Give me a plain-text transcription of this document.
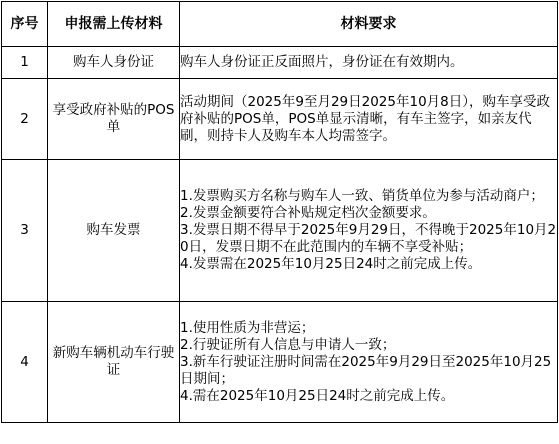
序号	申报需上传材料	材料要求
1	购车人身份证	购车人身份证正反面照片，身份证在有效期内。

2	享受政府补贴的POS单	活动期间（2025年9至月29日2025年10月8日），购车享受政府补贴的POS单，POS单显示清晰，有车主签字，如亲友代刷，则持卡人及购车本人均需签字。

3	购车发票	1.发票购买方名称与购车人一致、销货单位为参与活动商户；

2.发票金额要符合补贴规定档次金额要求。

3.发票日期不得早于2025年9月29日，不得晚于2025年10月20日，发票日期不在此范围内的车辆不享受补贴；

4.发票需在2025年10月25日24时之前完成上传。

4	新购车辆机动车行驶证	1.使用性质为非营运；

2.行驶证所有人信息与申请人一致；

3.新车行驶证注册时间需在2025年9月29日至2025年10月25日期间；

4.需在2025年10月25日24时之前完成上传。
